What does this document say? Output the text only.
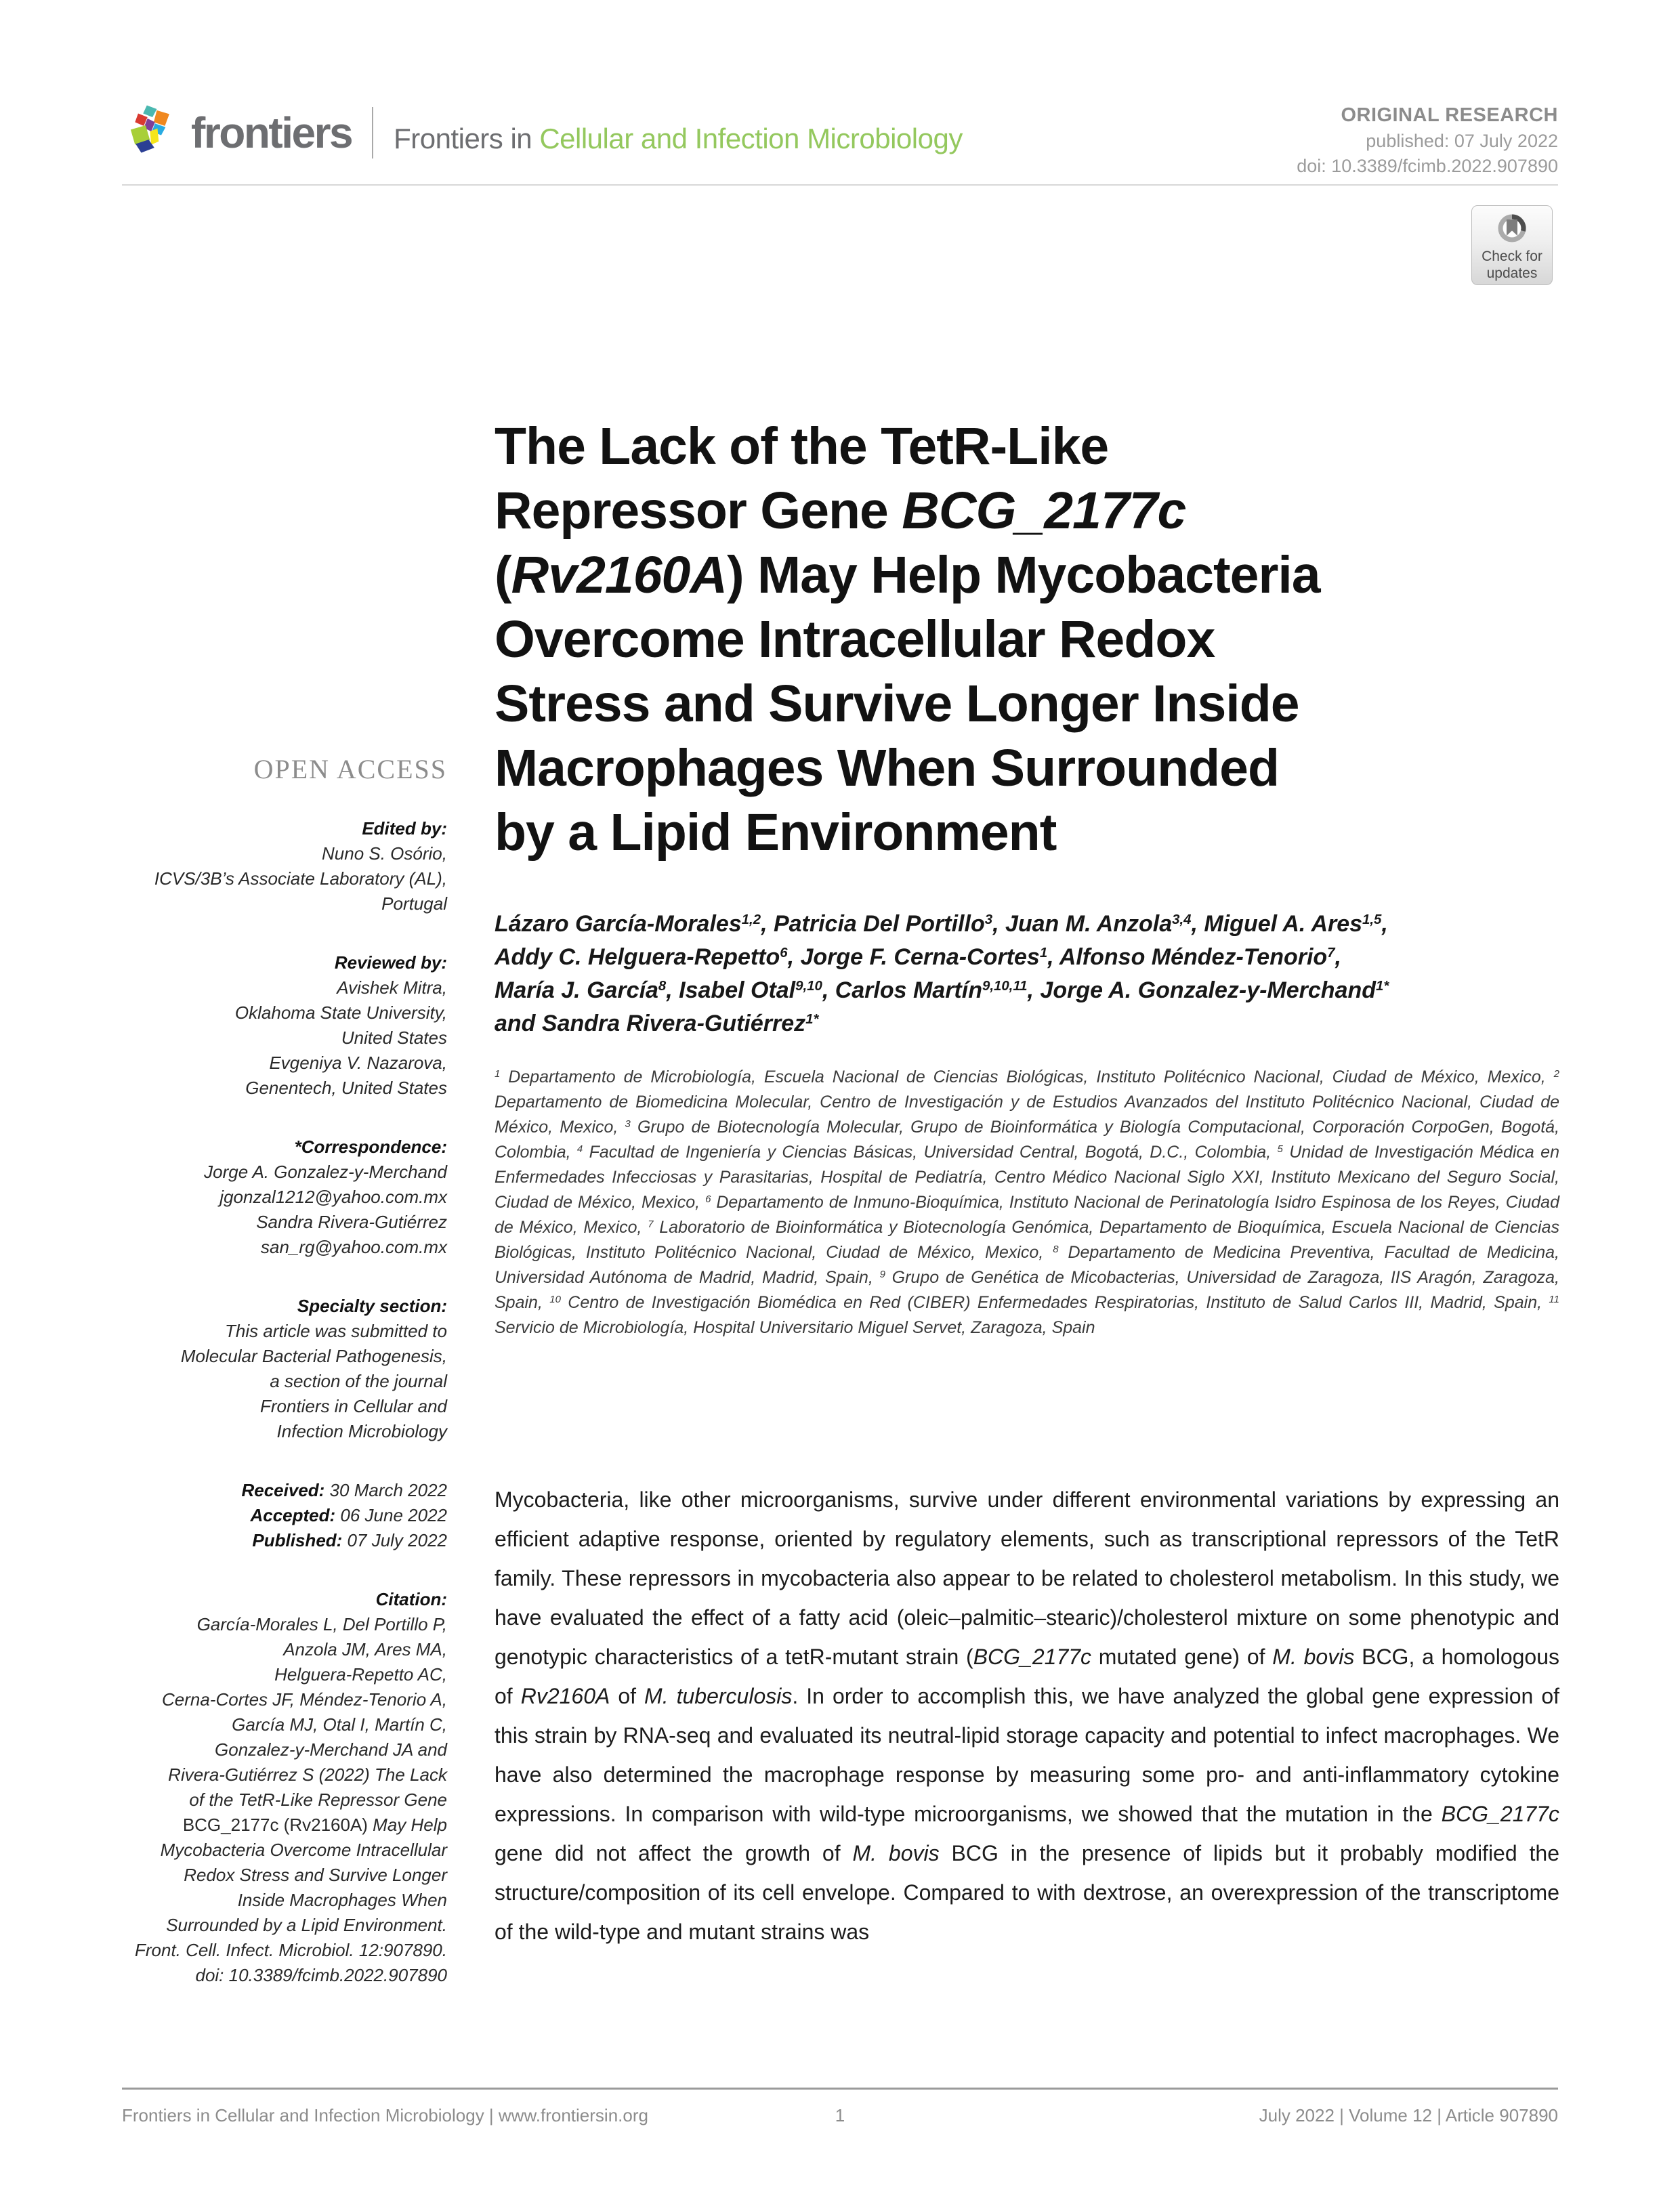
frontiers Frontiers in Cellular and Infection Microbiology
ORIGINAL RESEARCH
published: 07 July 2022
doi: 10.3389/fcimb.2022.907890
Check for
updates
The Lack of the TetR-Like
Repressor Gene BCG_2177c
(Rv2160A) May Help Mycobacteria
Overcome Intracellular Redox
Stress and Survive Longer Inside
Macrophages When Surrounded
by a Lipid Environment
OPEN ACCESS
Edited by:
Nuno S. Osório,
ICVS/3B’s Associate Laboratory (AL),
Portugal
Reviewed by:
Avishek Mitra,
Oklahoma State University,
United States
Evgeniya V. Nazarova,
Genentech, United States
*Correspondence:
Jorge A. Gonzalez-y-Merchand
jgonzal1212@yahoo.com.mx
Sandra Rivera-Gutiérrez
san_rg@yahoo.com.mx
Specialty section:
This article was submitted to
Molecular Bacterial Pathogenesis,
a section of the journal
Frontiers in Cellular and
Infection Microbiology
Received: 30 March 2022
Accepted: 06 June 2022
Published: 07 July 2022
Citation:
García-Morales L, Del Portillo P,
Anzola JM, Ares MA,
Helguera-Repetto AC,
Cerna-Cortes JF, Méndez-Tenorio A,
García MJ, Otal I, Martín C,
Gonzalez-y-Merchand JA and
Rivera-Gutiérrez S (2022) The Lack
of the TetR-Like Repressor Gene
BCG_2177c (Rv2160A) May Help
Mycobacteria Overcome Intracellular
Redox Stress and Survive Longer
Inside Macrophages When
Surrounded by a Lipid Environment.
Front. Cell. Infect. Microbiol. 12:907890.
doi: 10.3389/fcimb.2022.907890
Lázaro García-Morales$^{1,2}$, Patricia Del Portillo$^3$, Juan M. Anzola$^{3,4}$, Miguel A. Ares$^{1,5}$,
Addy C. Helguera-Repetto$^6$, Jorge F. Cerna-Cortes$^1$, Alfonso Méndez-Tenorio$^7$,
María J. García$^8$, Isabel Otal$^{9,10}$, Carlos Martín$^{9,10,11}$, Jorge A. Gonzalez-y-Merchand$^{1*}$
and Sandra Rivera-Gutiérrez$^{1*}$

$^1$ Departamento de Microbiología, Escuela Nacional de Ciencias Biológicas, Instituto Politécnico Nacional, Ciudad de México, Mexico, $^2$ Departamento de Biomedicina Molecular, Centro de Investigación y de Estudios Avanzados del Instituto Politécnico Nacional, Ciudad de México, Mexico, $^3$ Grupo de Biotecnología Molecular, Grupo de Bioinformática y Biología Computacional, Corporación CorpoGen, Bogotá, Colombia, $^4$ Facultad de Ingeniería y Ciencias Básicas, Universidad Central, Bogotá, D.C., Colombia, $^5$ Unidad de Investigación Médica en Enfermedades Infecciosas y Parasitarias, Hospital de Pediatría, Centro Médico Nacional Siglo XXI, Instituto Mexicano del Seguro Social, Ciudad de México, Mexico, $^6$ Departamento de Inmuno-Bioquímica, Instituto Nacional de Perinatología Isidro Espinosa de los Reyes, Ciudad de México, Mexico, $^7$ Laboratorio de Bioinformática y Biotecnología Genómica, Departamento de Bioquímica, Escuela Nacional de Ciencias Biológicas, Instituto Politécnico Nacional, Ciudad de México, Mexico, $^8$ Departamento de Medicina Preventiva, Facultad de Medicina, Universidad Autónoma de Madrid, Madrid, Spain, $^9$ Grupo de Genética de Micobacterias, Universidad de Zaragoza, IIS Aragón, Zaragoza, Spain, $^{10}$ Centro de Investigación Biomédica en Red (CIBER) Enfermedades Respiratorias, Instituto de Salud Carlos III, Madrid, Spain, $^{11}$ Servicio de Microbiología, Hospital Universitario Miguel Servet, Zaragoza, Spain

Mycobacteria, like other microorganisms, survive under different environmental variations by expressing an efficient adaptive response, oriented by regulatory elements, such as transcriptional repressors of the TetR family. These repressors in mycobacteria also appear to be related to cholesterol metabolism. In this study, we have evaluated the effect of a fatty acid (oleic–palmitic–stearic)/cholesterol mixture on some phenotypic and genotypic characteristics of a tetR-mutant strain (BCG_2177c mutated gene) of M. bovis BCG, a homologous of Rv2160A of M. tuberculosis. In order to accomplish this, we have analyzed the global gene expression of this strain by RNA-seq and evaluated its neutral-lipid storage capacity and potential to infect macrophages. We have also determined the macrophage response by measuring some pro- and anti-inflammatory cytokine expressions. In comparison with wild-type microorganisms, we showed that the mutation in the BCG_2177c gene did not affect the growth of M. bovis BCG in the presence of lipids but it probably modified the structure/composition of its cell envelope. Compared to with dextrose, an overexpression of the transcriptome of the wild-type and mutant strains was

Frontiers in Cellular and Infection Microbiology | www.frontiersin.org	1	July 2022 | Volume 12 | Article 907890
